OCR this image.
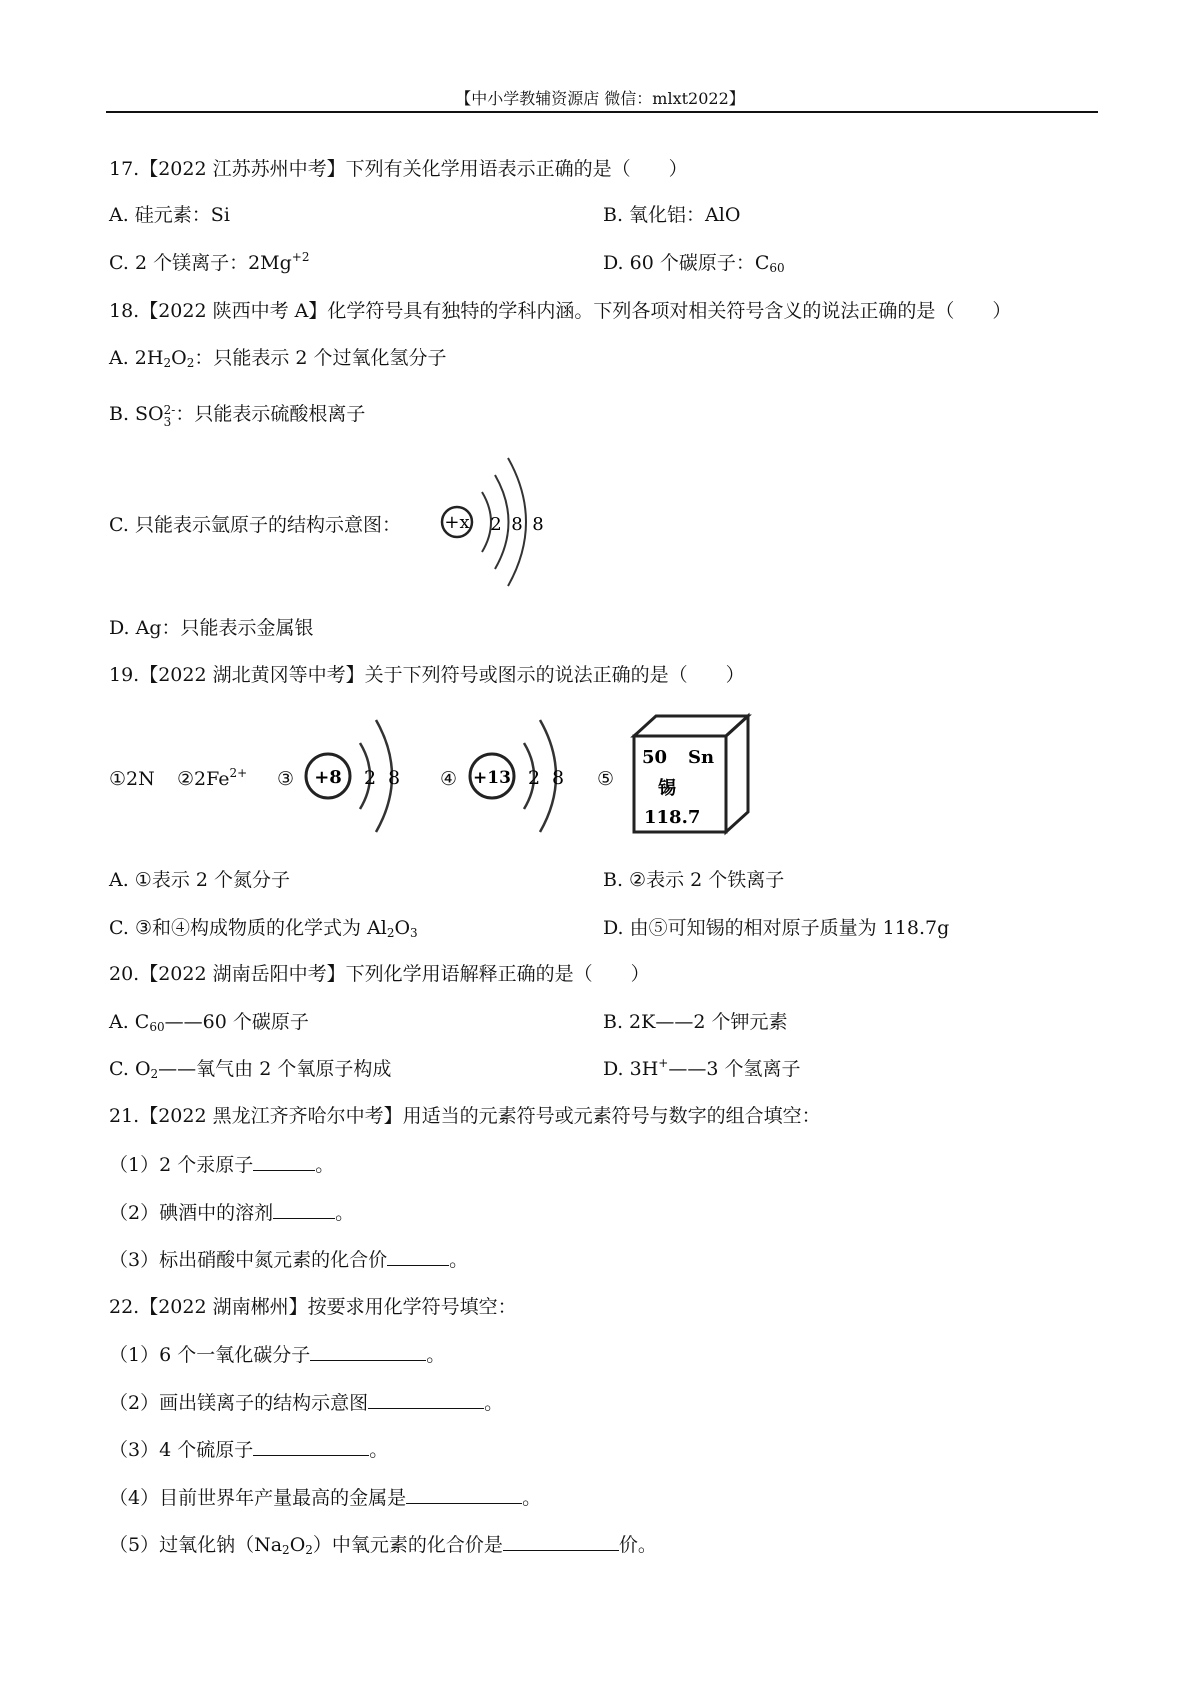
【中小学教辅资源店 微信：mlxt2022】
17.【2022 江苏苏州中考】下列有关化学用语表示正确的是（　　）
A. 硅元素：Si	B. 氧化铝：AlO
C. 2 个镁离子：$2Mg^{+2}$	D. 60 个碳原子：$C_{60}$
18.【2022 陕西中考 A】化学符号具有独特的学科内涵。下列各项对相关符号含义的说法正确的是（　　）
A. $2H_2O_2$：只能表示 2 个过氧化氢分子
B. SO 2-
3 ：只能表示硫酸根离子
C. 只能表示氩原子的结构示意图： +x 2 8 8
D. Ag：只能表示金属银
19.【2022 湖北黄冈等中考】关于下列符号或图示的说法正确的是（　　）
①2N $②2Fe^{2+}$ ③	④	⑤
+8 2 8	+13 2 8
50 Sn
锡
118.7
A. ①表示 2 个氮分子	B. ②表示 2 个铁离子
C. ③和④构成物质的化学式为 $Al_2O_3$	D. 由⑤可知锡的相对原子质量为 118.7g
20.【2022 湖南岳阳中考】下列化学用语解释正确的是（　　）
A. $C_{60}——60$ 个碳原子	B. 2K——2 个钾元素
C. $O_2——$氧气由 2 个氧原子构成	D. 3H+——3 个氢离子
21.【2022 黑龙江齐齐哈尔中考】用适当的元素符号或元素符号与数字的组合填空：
（1）2 个汞原子	。
（2）碘酒中的溶剂	。
（3）标出硝酸中氮元素的化合价	。
22.【2022 湖南郴州】按要求用化学符号填空：
（1）6 个一氧化碳分子	。
（2）画出镁离子的结构示意图	。
（3）4 个硫原子	。
（4）目前世界年产量最高的金属是	。
（5）过氧化钠$(Na_2O_2)$中氧元素的化合价是	价。
